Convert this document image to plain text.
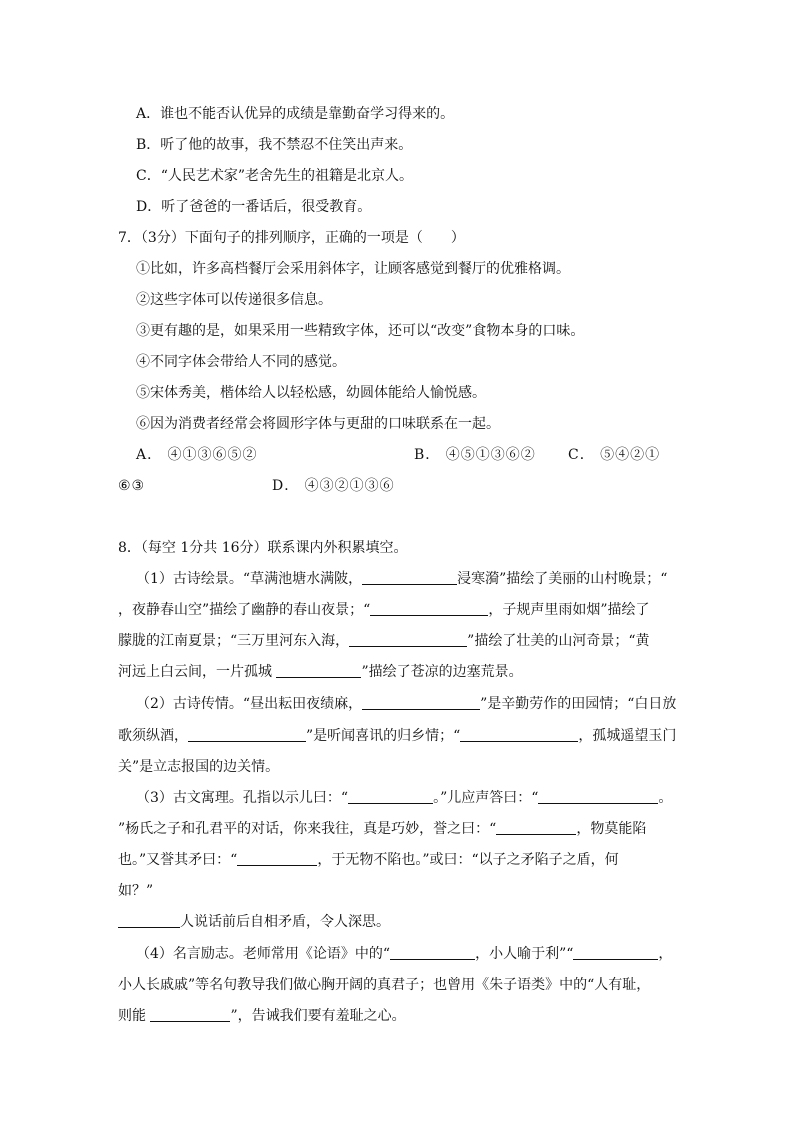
A．谁也不能否认优异的成绩是靠勤奋学习得来的。
B．听了他的故事，我不禁忍不住笑出声来。
C．“人民艺术家”老舍先生的祖籍是北京人。
D．听了爸爸的一番话后，很受教育。
7．（3分）下面句子的排列顺序，正确的一项是（　　）
①比如，许多高档餐厅会采用斜体字，让顾客感觉到餐厅的优雅格调。
②这些字体可以传递很多信息。
③更有趣的是，如果采用一些精致字体，还可以“改变”食物本身的口味。
④不同字体会带给人不同的感觉。
⑤宋体秀美，楷体给人以轻松感，幼圆体能给人愉悦感。
⑥因为消费者经常会将圆形字体与更甜的口味联系在一起。
A． ④①③⑥⑤②	B． ④⑤①③⑥② C． ⑤④②①
⑥③	D． ④③②①③⑥
8．（每空 1分共 16分）联系课内外积累填空。
（1）古诗绘景。“草满池塘水满陂，	浸寒漪”描绘了美丽的山村晚景；“
，夜静春山空”描绘了幽静的春山夜景；“	，子规声里雨如烟”描绘了
朦胧的江南夏景；“三万里河东入海，	”描绘了壮美的山河奇景；“黄
河远上白云间，一片孤城	”描绘了苍凉的边塞荒景。
（2）古诗传情。“昼出耘田夜绩麻，	”是辛勤劳作的田园情；“白日放
歌须纵酒，	”是听闻喜讯的归乡情；“	，孤城遥望玉门
关”是立志报国的边关情。
（3）古文寓理。孔指以示儿曰：“	。”儿应声答曰：“	。
”杨氏之子和孔君平的对话，你来我往，真是巧妙，誉之曰：“	，物莫能陷
也。”又誉其矛曰：“	，于无物不陷也。”或曰：“以子之矛陷子之盾，何
如？”
人说话前后自相矛盾，令人深思。
（4）名言励志。老师常用《论语》中的“	，小人喻于利”“	，
小人长戚戚”等名句教导我们做心胸开阔的真君子；也曾用《朱子语类》中的“人有耻，
则能	”，告诫我们要有羞耻之心。
